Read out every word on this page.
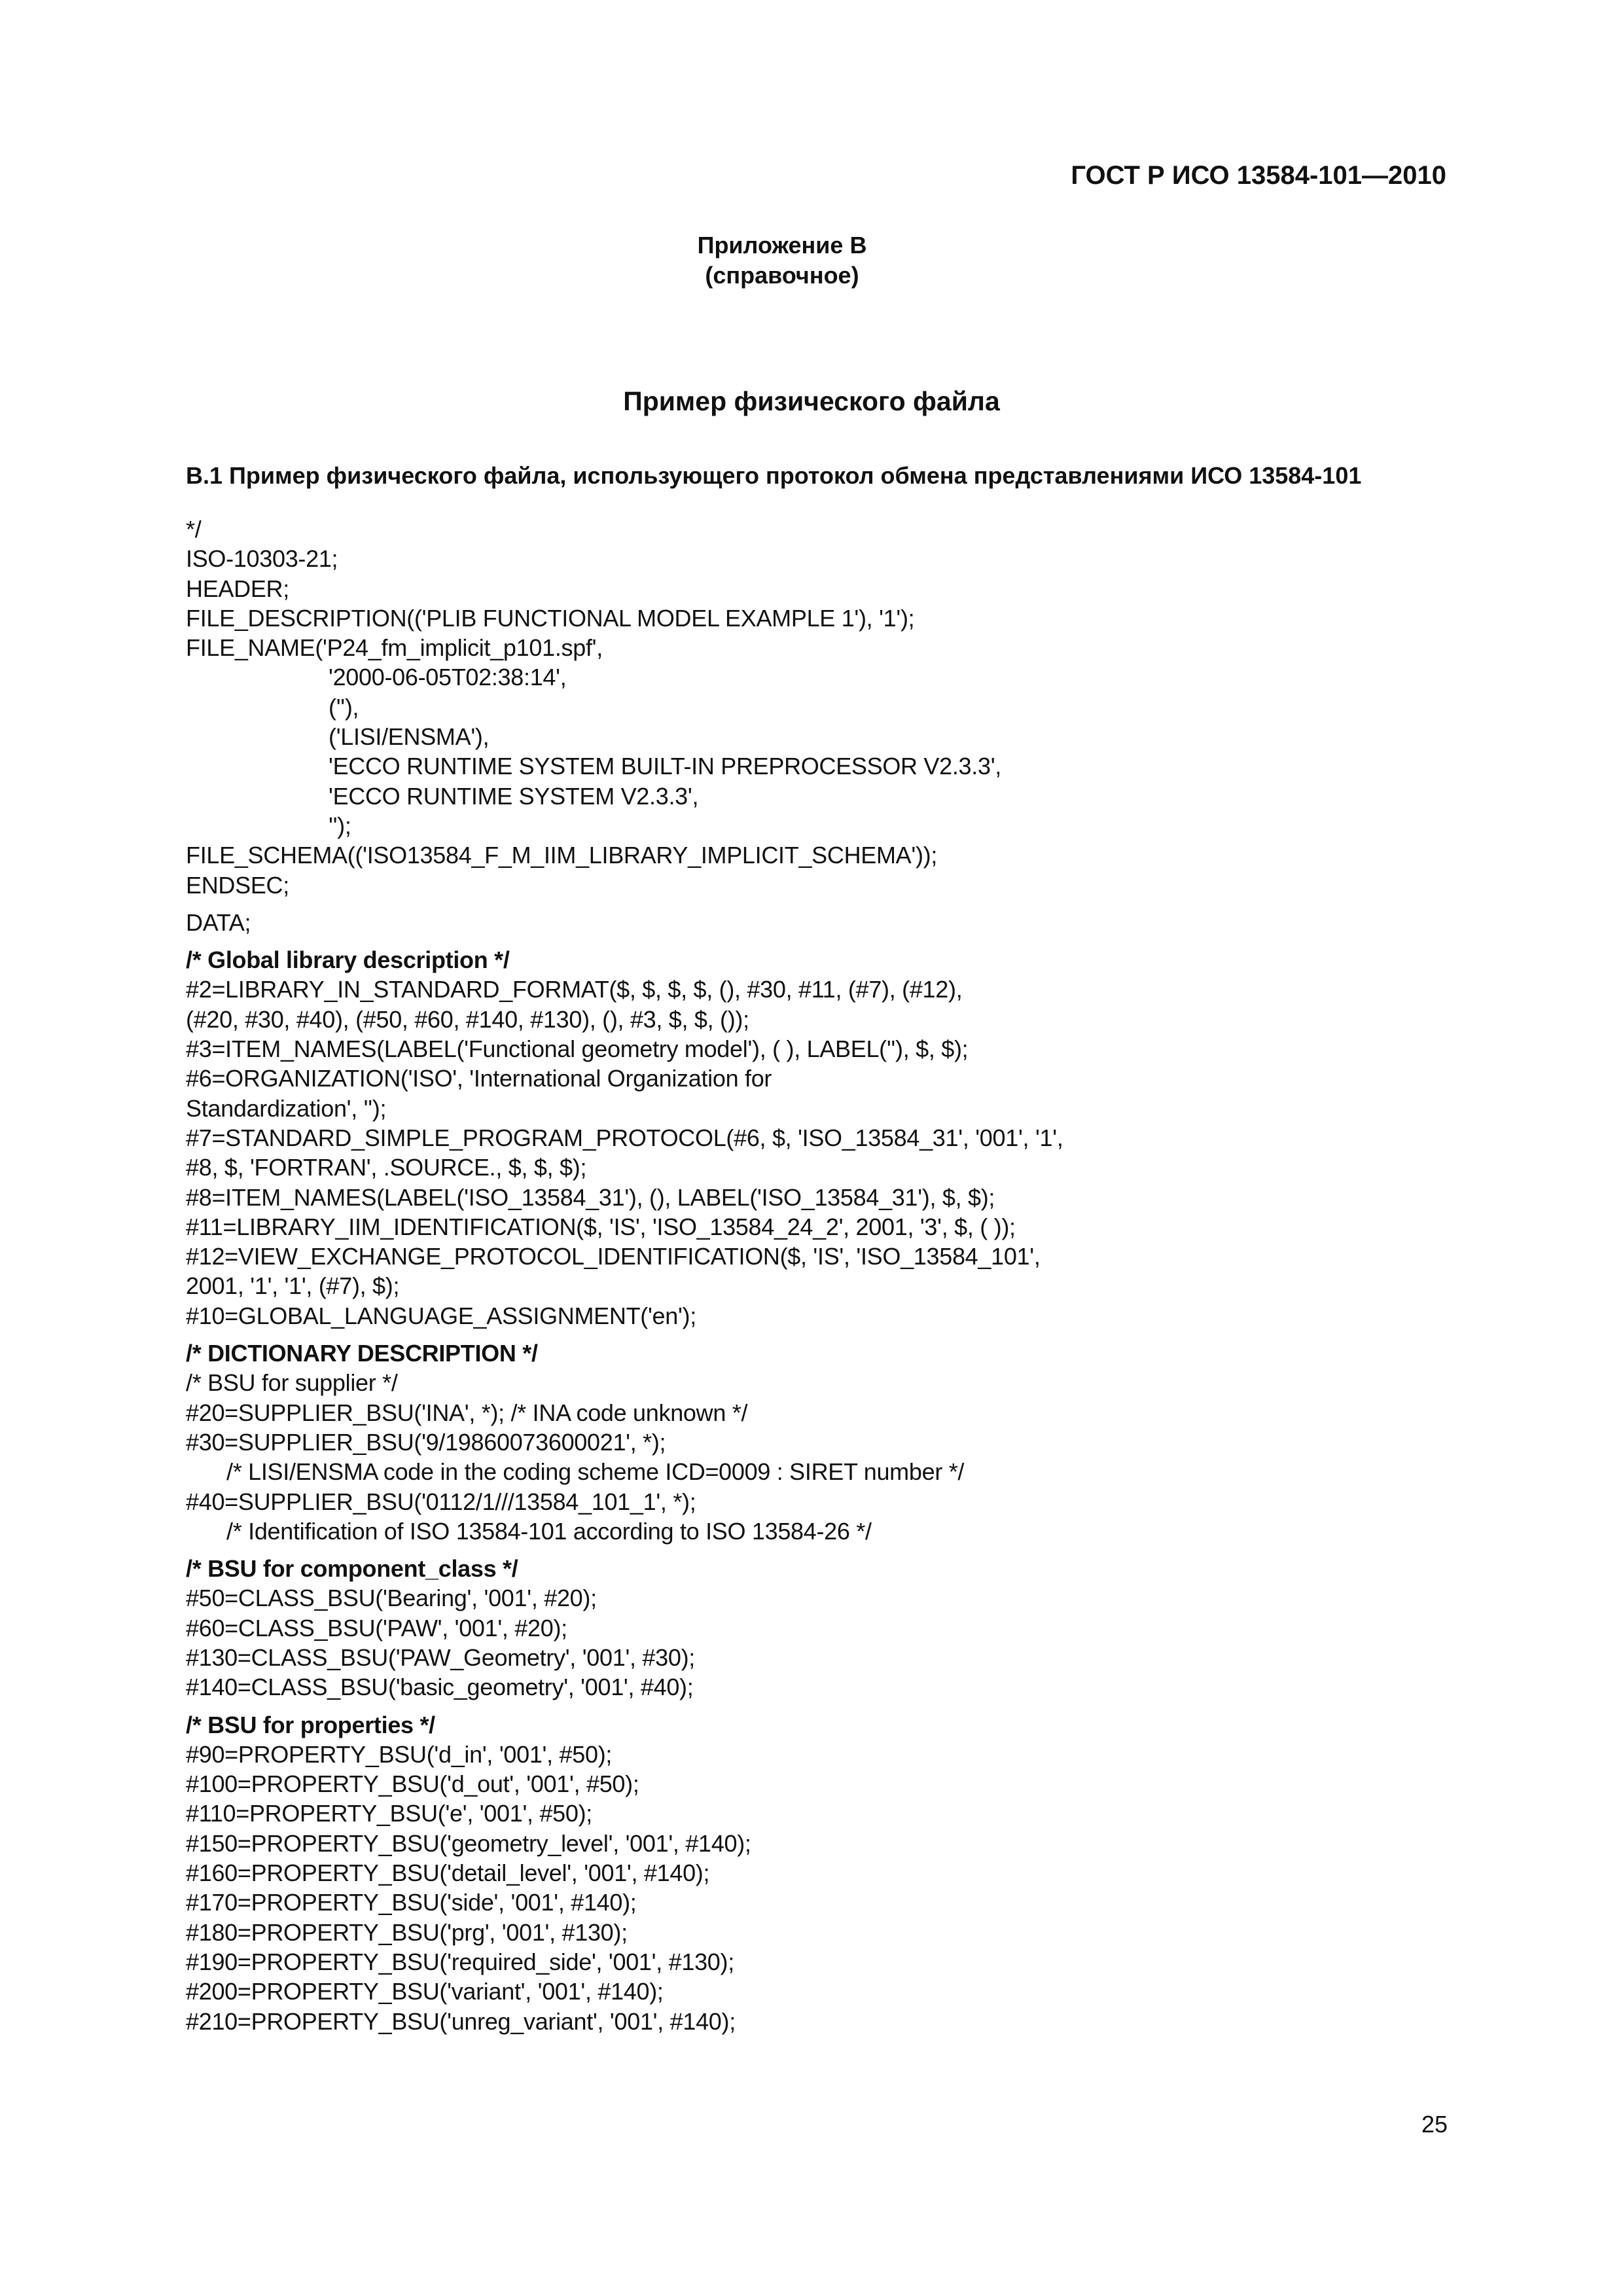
ГОСТ Р ИСО 13584-101—2010

Приложение В
(справочное)

Пример физического файла

В.1 Пример физического файла, использующего протокол обмена представлениями ИСО 13584-101

*/
ISO-10303-21;
HEADER;
FILE_DESCRIPTION(('PLIB FUNCTIONAL MODEL EXAMPLE 1'), '1');
FILE_NAME('P24_fm_implicit_p101.spf',
'2000-06-05T02:38:14',
(''),
('LISI/ENSMA'),
'ECCO RUNTIME SYSTEM BUILT-IN PREPROCESSOR V2.3.3',
'ECCO RUNTIME SYSTEM V2.3.3',
'');
FILE_SCHEMA(('ISO13584_F_M_IIM_LIBRARY_IMPLICIT_SCHEMA'));
ENDSEC;
DATA;
/* Global library description */
#2=LIBRARY_IN_STANDARD_FORMAT($, $, $, $, (), #30, #11, (#7), (#12),
(#20, #30, #40), (#50, #60, #140, #130), (), #3, $, $, ());
#3=ITEM_NAMES(LABEL('Functional geometry model'), ( ), LABEL(''), $, $);
#6=ORGANIZATION('ISO', 'International Organization for
Standardization', '');
#7=STANDARD_SIMPLE_PROGRAM_PROTOCOL(#6, $, 'ISO_13584_31', '001', '1',
#8, $, 'FORTRAN', .SOURCE., $, $, $);
#8=ITEM_NAMES(LABEL('ISO_13584_31'), (), LABEL('ISO_13584_31'), $, $);
#11=LIBRARY_IIM_IDENTIFICATION($, 'IS', 'ISO_13584_24_2', 2001, '3', $, ( ));
#12=VIEW_EXCHANGE_PROTOCOL_IDENTIFICATION($, 'IS', 'ISO_13584_101',
2001, '1', '1', (#7), $);
#10=GLOBAL_LANGUAGE_ASSIGNMENT('en');
/* DICTIONARY DESCRIPTION */
/* BSU for supplier */
#20=SUPPLIER_BSU('INA', *); /* INA code unknown */
#30=SUPPLIER_BSU('9/19860073600021', *);
/* LISI/ENSMA code in the coding scheme ICD=0009 : SIRET number */
#40=SUPPLIER_BSU('0112/1///13584_101_1', *);
/* Identification of ISO 13584-101 according to ISO 13584-26 */
/* BSU for component_class */
#50=CLASS_BSU('Bearing', '001', #20);
#60=CLASS_BSU('PAW', '001', #20);
#130=CLASS_BSU('PAW_Geometry', '001', #30);
#140=CLASS_BSU('basic_geometry', '001', #40);
/* BSU for properties */
#90=PROPERTY_BSU('d_in', '001', #50);
#100=PROPERTY_BSU('d_out', '001', #50);
#110=PROPERTY_BSU('e', '001', #50);
#150=PROPERTY_BSU('geometry_level', '001', #140);
#160=PROPERTY_BSU('detail_level', '001', #140);
#170=PROPERTY_BSU('side', '001', #140);
#180=PROPERTY_BSU('prg', '001', #130);
#190=PROPERTY_BSU('required_side', '001', #130);
#200=PROPERTY_BSU('variant', '001', #140);
#210=PROPERTY_BSU('unreg_variant', '001', #140);

25
